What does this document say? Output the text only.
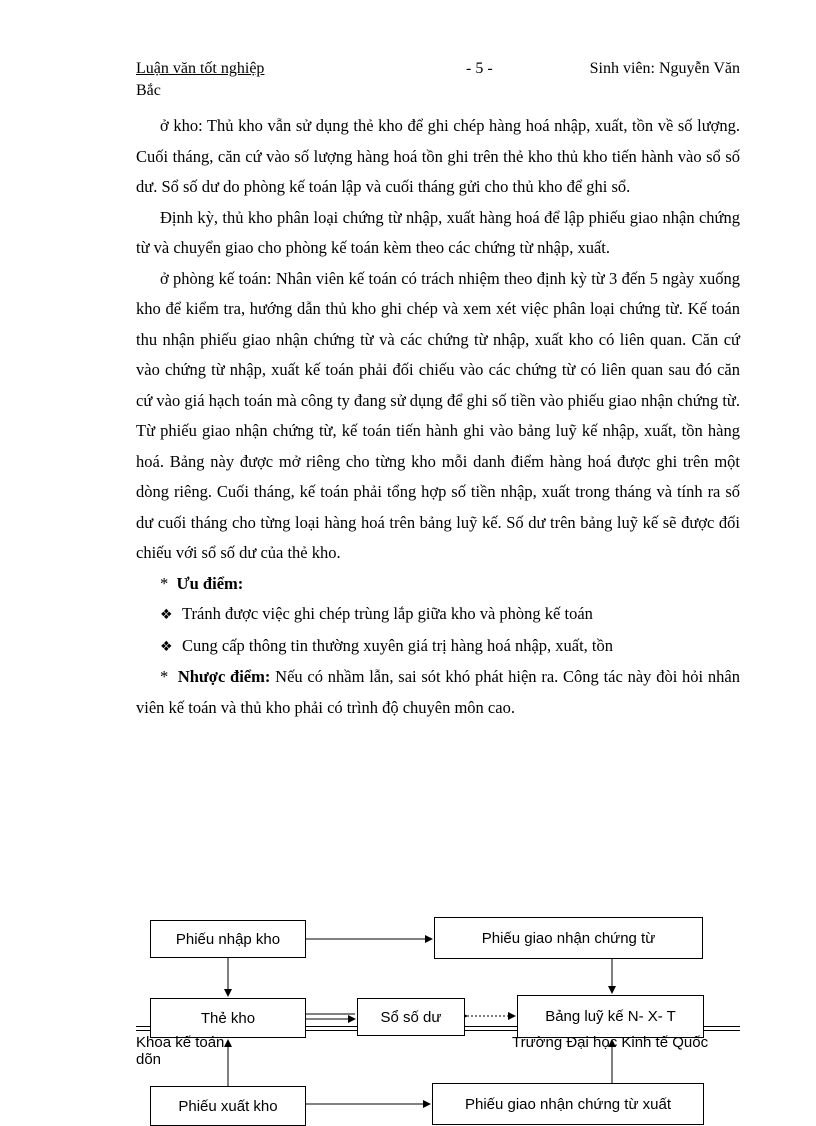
Luận văn tốt nghiệp	- 5 -	Sinh viên: Nguyễn Văn
Bắc

ở kho: Thủ kho vẫn sử dụng thẻ kho để ghi chép hàng hoá nhập, xuất, tồn về số lượng. Cuối tháng, căn cứ vào số lượng hàng hoá tồn ghi trên thẻ kho thủ kho tiến hành vào sổ số dư. Sổ số dư do phòng kế toán lập và cuối tháng gửi cho thủ kho để ghi sổ.

Định kỳ, thủ kho phân loại chứng từ nhập, xuất hàng hoá để lập phiếu giao nhận chứng từ và chuyển giao cho phòng kế toán kèm theo các chứng từ nhập, xuất.

ở phòng kế toán: Nhân viên kế toán có trách nhiệm theo định kỳ từ 3 đến 5 ngày xuống kho để kiểm tra, hướng dẫn thủ kho ghi chép và xem xét việc phân loại chứng từ. Kế toán thu nhận phiếu giao nhận chứng từ và các chứng từ nhập, xuất kho có liên quan. Căn cứ vào chứng từ nhập, xuất kế toán phải đối chiếu vào các chứng từ có liên quan sau đó căn cứ vào giá hạch toán mà công ty đang sử dụng để ghi số tiền vào phiếu giao nhận chứng từ. Từ phiếu giao nhận chứng từ, kế toán tiến hành ghi vào bảng luỹ kế nhập, xuất, tồn hàng hoá. Bảng này được mở riêng cho từng kho mỗi danh điểm hàng hoá được ghi trên một dòng riêng. Cuối tháng, kế toán phải tổng hợp số tiền nhập, xuất trong tháng và tính ra số dư cuối tháng cho từng loại hàng hoá trên bảng luỹ kế. Số dư trên bảng luỹ kế sẽ được đối chiếu với sổ số dư của thẻ kho.

* Ưu điểm:

❖ Tránh được việc ghi chép trùng lắp giữa kho và phòng kế toán

❖ Cung cấp thông tin thường xuyên giá trị hàng hoá nhập, xuất, tồn

* Nhược điểm: Nếu có nhầm lẫn, sai sót khó phát hiện ra. Công tác này đòi hỏi nhân viên kế toán và thủ kho phải có trình độ chuyên môn cao.

Phiếu nhập kho	Phiếu giao nhận chứng từ
Thẻ kho	Sổ số dư	Bảng luỹ kế N- X- T
Phiếu xuất kho	Phiếu giao nhận chứng từ xuất
Khoa kế toán
dõn
Trường Đại học Kinh tế Quốc
